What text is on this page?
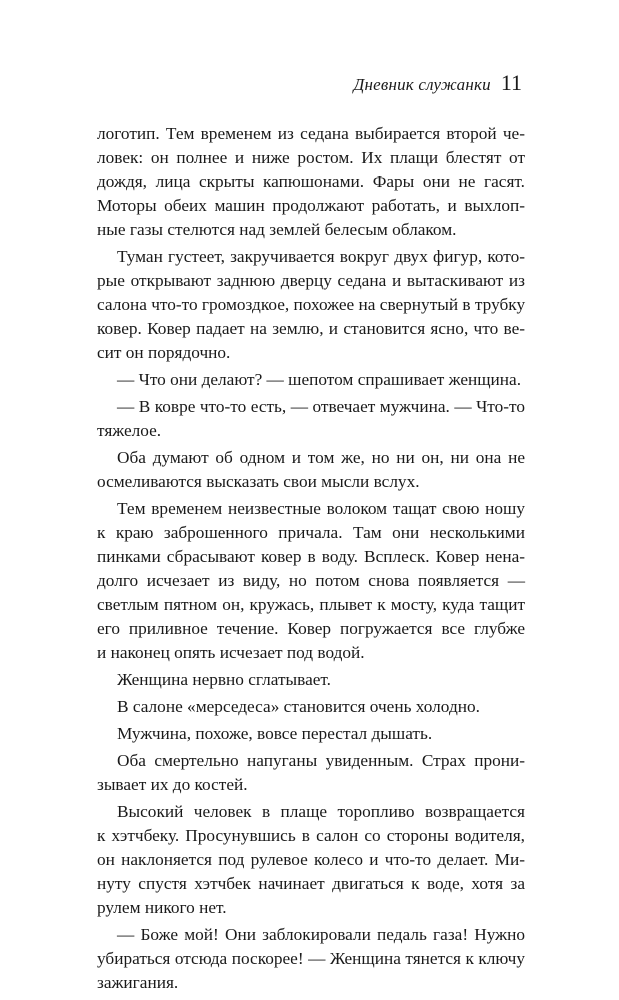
Дневник служанки 11
логотип. Тем временем из седана выбирается второй че-
ловек: он полнее и ниже ростом. Их плащи блестят от
дождя, лица скрыты капюшонами. Фары они не гасят.
Моторы обеих машин продолжают работать, и выхлоп-
ные газы стелются над землей белесым облаком.
Туман густеет, закручивается вокруг двух фигур, кото-
рые открывают заднюю дверцу седана и вытаскивают из
салона что-то громоздкое, похожее на свернутый в трубку
ковер. Ковер падает на землю, и становится ясно, что ве-
сит он порядочно.
— Что они делают? — шепотом спрашивает женщина.
— В ковре что-то есть, — отвечает мужчина. — Что-то
тяжелое.
Оба думают об одном и том же, но ни он, ни она не
осмеливаются высказать свои мысли вслух.
Тем временем неизвестные волоком тащат свою ношу
к краю заброшенного причала. Там они несколькими
пинками сбрасывают ковер в воду. Всплеск. Ковер нена-
долго исчезает из виду, но потом снова появляется —
светлым пятном он, кружась, плывет к мосту, куда тащит
его приливное течение. Ковер погружается все глубже
и наконец опять исчезает под водой.
Женщина нервно сглатывает.
В салоне «мерседеса» становится очень холодно.
Мужчина, похоже, вовсе перестал дышать.
Оба смертельно напуганы увиденным. Страх прони-
зывает их до костей.
Высокий человек в плаще торопливо возвращается
к хэтчбеку. Просунувшись в салон со стороны водителя,
он наклоняется под рулевое колесо и что-то делает. Ми-
нуту спустя хэтчбек начинает двигаться к воде, хотя за
рулем никого нет.
— Боже мой! Они заблокировали педаль газа! Нужно
убираться отсюда поскорее! — Женщина тянется к ключу
зажигания.
